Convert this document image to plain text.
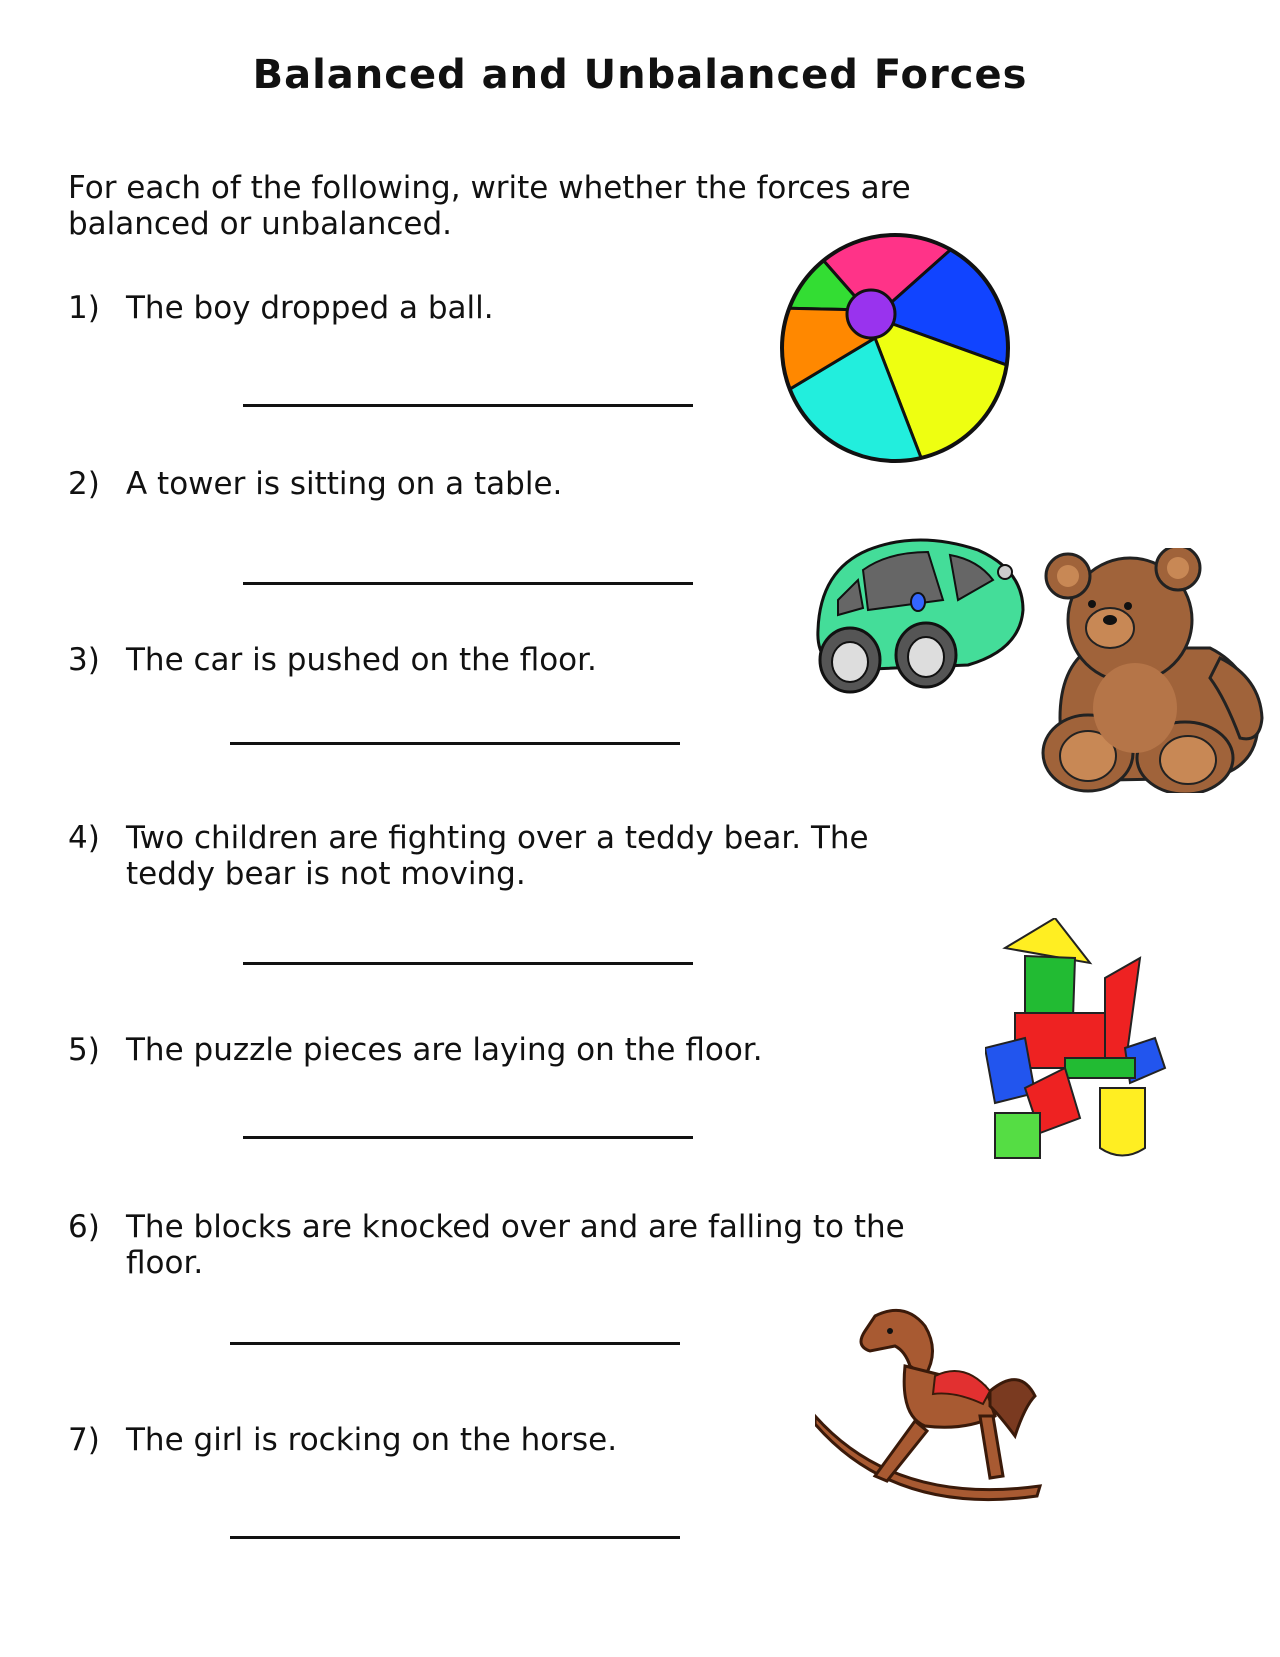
Balanced and Unbalanced Forces

For each of the following, write whether the forces are balanced or unbalanced.

1) The boy dropped a ball.
2) A tower is sitting on a table.
3) The car is pushed on the floor.
4) Two children are fighting over a teddy bear. The teddy bear is not moving.
5) The puzzle pieces are laying on the floor.
6) The blocks are knocked over and are falling to the floor.
7) The girl is rocking on the horse.
